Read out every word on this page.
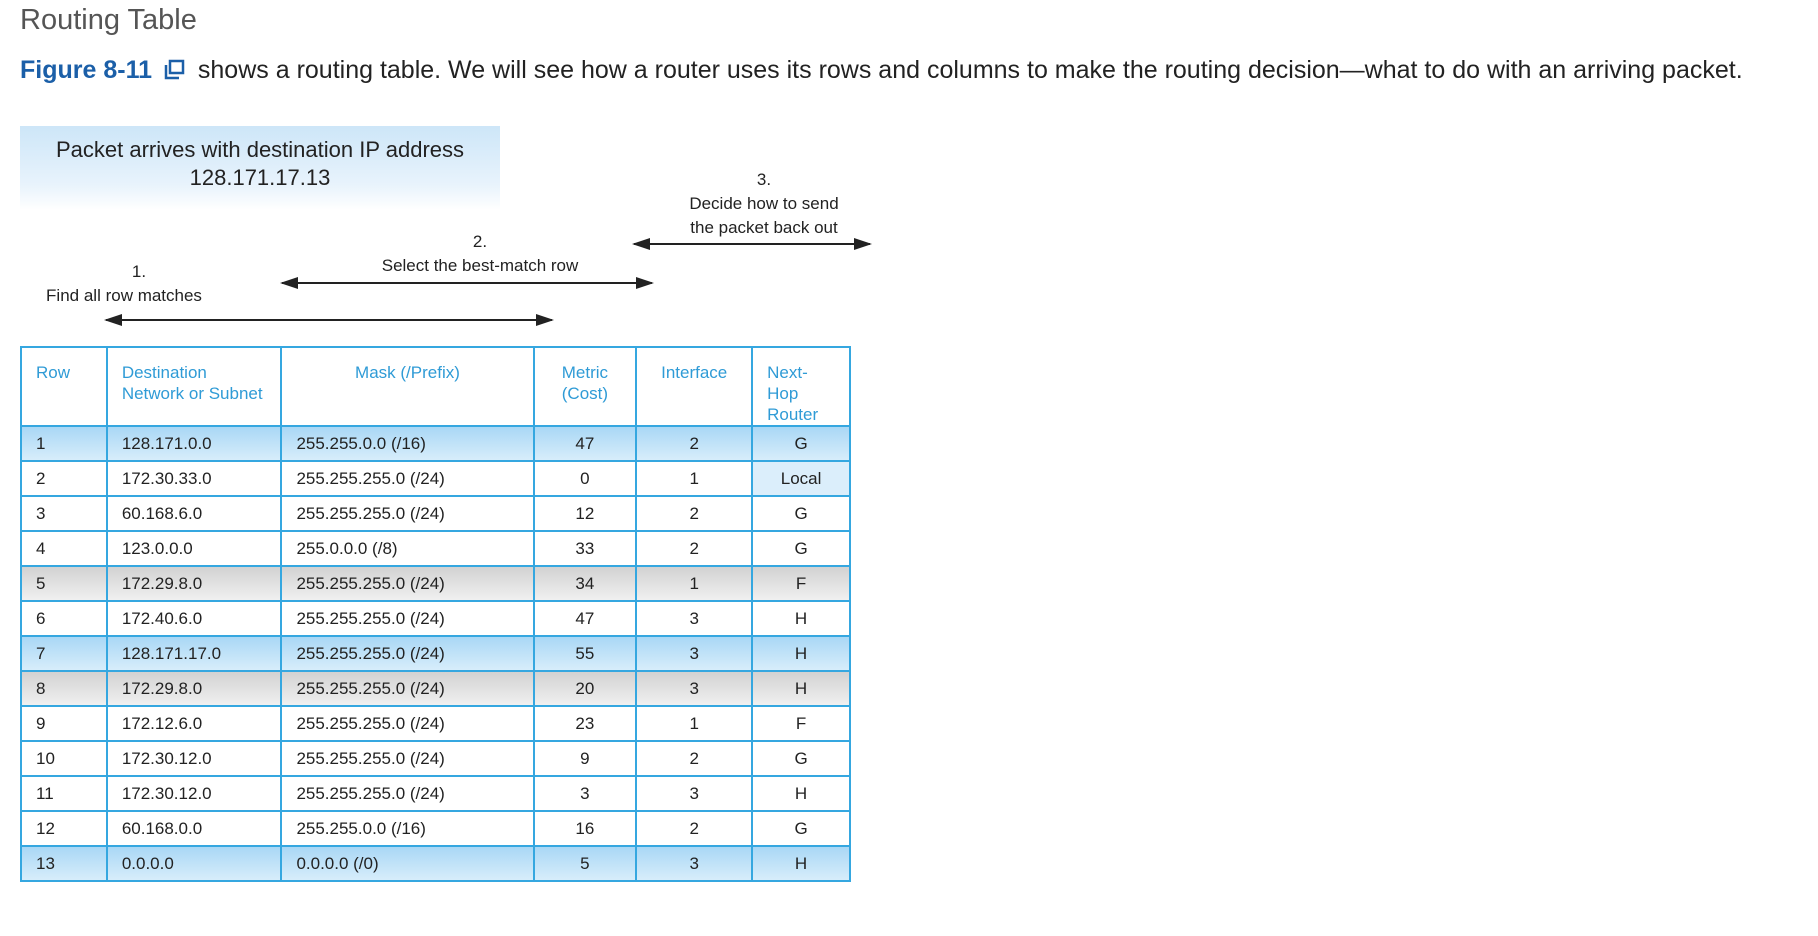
Routing Table
Figure 8-11 shows a routing table. We will see how a router uses its rows and columns to make the routing decision—what to do with an arriving packet.
Packet arrives with destination IP address
128.171.17.13	3.
Decide how to send
the packet back out
2.
Select the best-match row
1.
Find all row matches
Row	Destination Network or Subnet	Mask (/Prefix)	Metric (Cost)	Interface	Next-Hop Router
1	128.171.0.0	255.255.0.0 (/16)	47	2	G
2	172.30.33.0	255.255.255.0 (/24)	0	1	Local
3	60.168.6.0	255.255.255.0 (/24)	12	2	G
4	123.0.0.0	255.0.0.0 (/8)	33	2	G
5	172.29.8.0	255.255.255.0 (/24)	34	1	F
6	172.40.6.0	255.255.255.0 (/24)	47	3	H
7	128.171.17.0	255.255.255.0 (/24)	55	3	H
8	172.29.8.0	255.255.255.0 (/24)	20	3	H
9	172.12.6.0	255.255.255.0 (/24)	23	1	F
10	172.30.12.0	255.255.255.0 (/24)	9	2	G
11	172.30.12.0	255.255.255.0 (/24)	3	3	H
12	60.168.0.0	255.255.0.0 (/16)	16	2	G
13	0.0.0.0	0.0.0.0 (/0)	5	3	H
